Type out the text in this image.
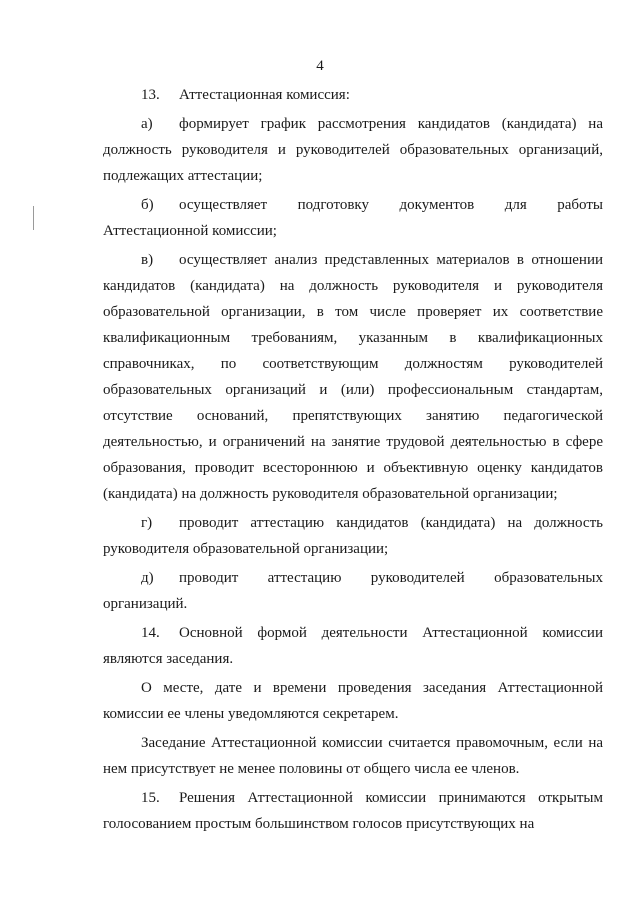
4

13. Аттестационная комиссия:

а) формирует график рассмотрения кандидатов (кандидата) на должность руководителя и руководителей образовательных организаций, подлежащих аттестации;

б) осуществляет подготовку документов для работы Аттестационной комиссии;

в) осуществляет анализ представленных материалов в отношении кандидатов (кандидата) на должность руководителя и руководителя образовательной организации, в том числе проверяет их соответствие квалификационным требованиям, указанным в квалификационных справочниках, по соответствующим должностям руководителей образовательных организаций и (или) профессиональным стандартам, отсутствие оснований, препятствующих занятию педагогической деятельностью, и ограничений на занятие трудовой деятельностью в сфере образования, проводит всестороннюю и объективную оценку кандидатов (кандидата) на должность руководителя образовательной организации;

г) проводит аттестацию кандидатов (кандидата) на должность руководителя образовательной организации;

д) проводит аттестацию руководителей образовательных организаций.

14. Основной формой деятельности Аттестационной комиссии являются заседания.

О месте, дате и времени проведения заседания Аттестационной комиссии ее члены уведомляются секретарем.

Заседание Аттестационной комиссии считается правомочным, если на нем присутствует не менее половины от общего числа ее членов.

15. Решения Аттестационной комиссии принимаются открытым голосованием простым большинством голосов присутствующих на
